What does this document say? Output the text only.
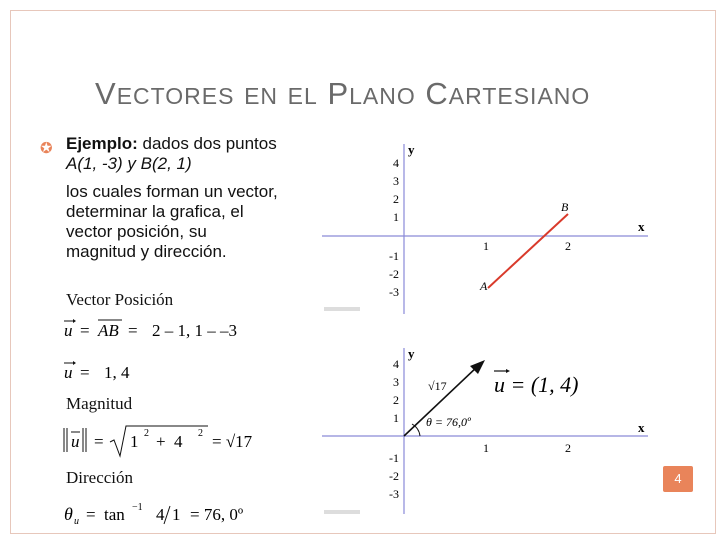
VECTORES EN EL PLANO CARTESIANO
✪ Ejemplo: dados dos puntos
A(1, -3) y B(2, 1)
los cuales forman un vector,
determinar la grafica, el
vector posición, su
magnitud y dirección.
Vector Posición
u = AB = 2 – 1, 1 – –3
u = 1, 4
Magnitud
u = 1 2 + 4 2 = √17
Dirección
θ u = tan −1 4 1 = 76, 0º
y
x
4
3
2
1
-1
-2
-3
1	2
A
B
y
x
4
3
2
1
-1
-2
-3
1	2
√17
θ = 76,0º
u = (1, 4)
4
